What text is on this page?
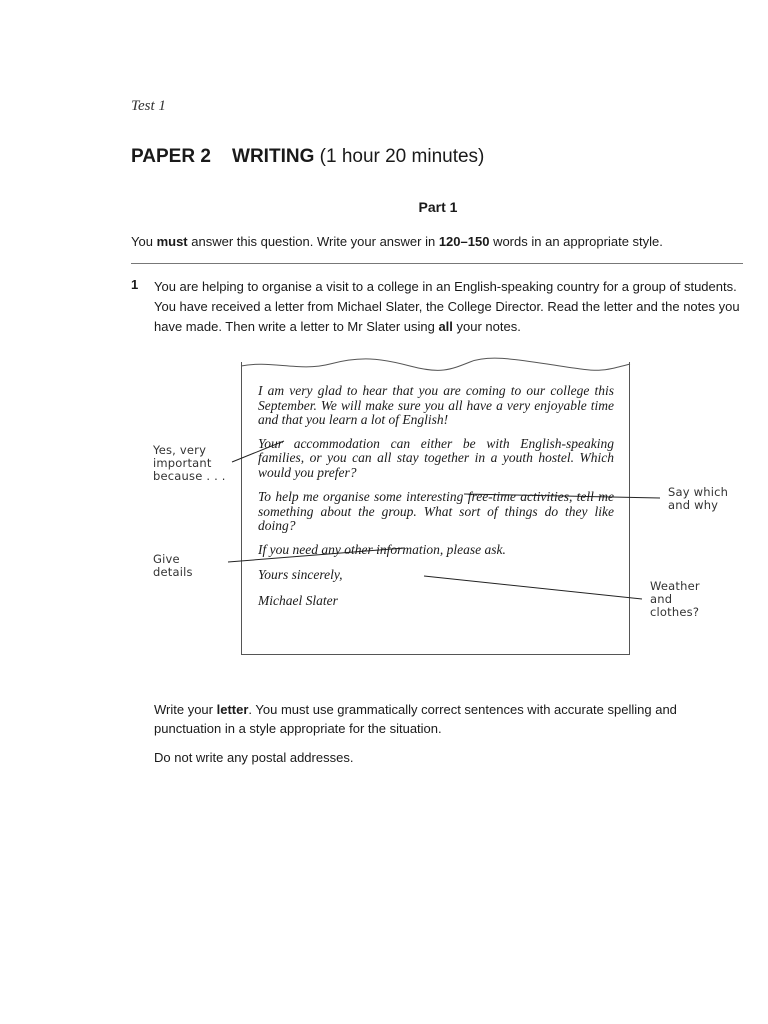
Test 1
PAPER 2 WRITING (1 hour 20 minutes)
Part 1
You must answer this question. Write your answer in 120–150 words in an appropriate style.
1 You are helping to organise a visit to a college in an English-speaking country for a group of students. You have received a letter from Michael Slater, the College Director. Read the letter and the notes you have made. Then write a letter to Mr Slater using all your notes.

I am very glad to hear that you are coming to our college this September. We will make sure you all have a very enjoyable time and that you learn a lot of English!

Your accommodation can either be with English-speaking families, or you can all stay together in a youth hostel. Which would you prefer?

To help me organise some interesting free-time activities, tell me something about the group. What sort of things do they like doing?

If you need any other information, please ask.

Yours sincerely,

Michael Slater

Yes, very
important
because . . .
Say which
and why
Give
details
Weather
and
clothes?

Write your letter. You must use grammatically correct sentences with accurate spelling and punctuation in a style appropriate for the situation.

Do not write any postal addresses.
